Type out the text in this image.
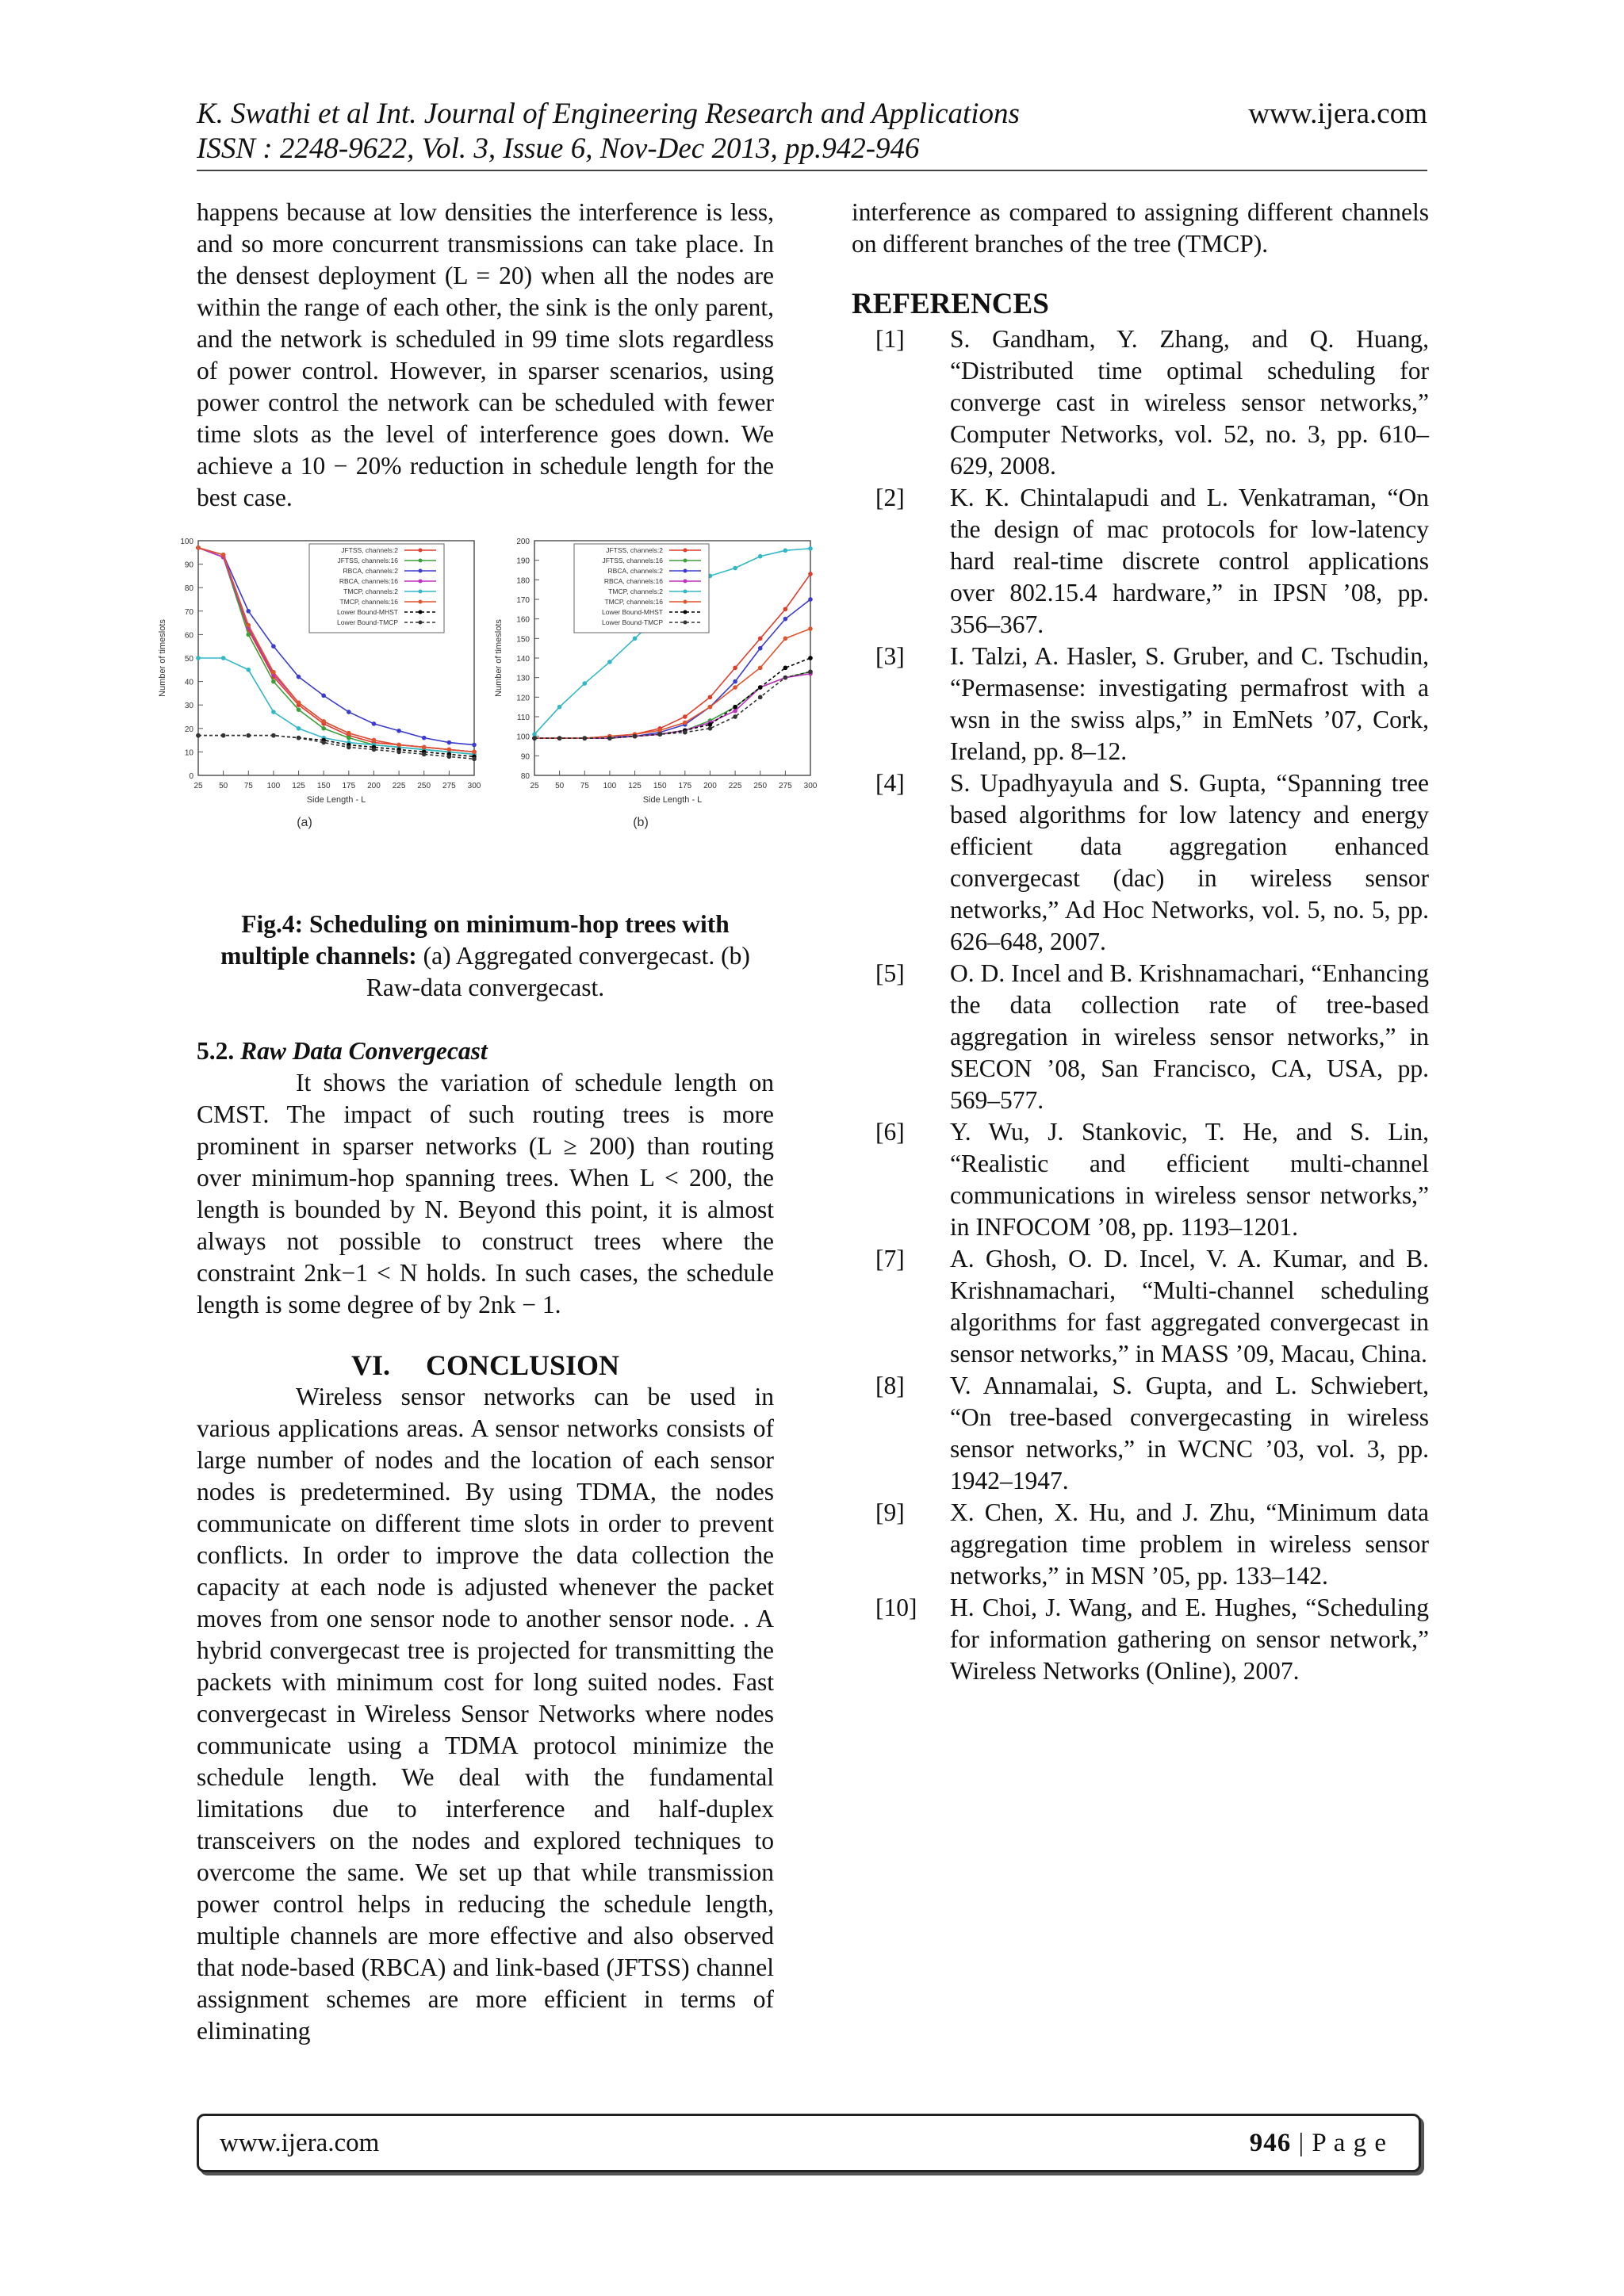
K. Swathi et al Int. Journal of Engineering Research and Applications
ISSN : 2248-9622, Vol. 3, Issue 6, Nov-Dec 2013, pp.942-946
www.ijera.com

happens because at low densities the interference is less, and so more concurrent transmissions can take place. In the densest deployment (L = 20) when all the nodes are within the range of each other, the sink is the only parent, and the network is scheduled in 99 time slots regardless of power control. However, in sparser scenarios, using power control the network can be scheduled with fewer time slots as the level of interference goes down. We achieve a 10 − 20% reduction in schedule length for the best case.

0
10
20
30
40
50
60
70
80
90
100
25 50 75 100 125 150 175 200 225 250 275 300
Side Length - L
Number of timeslots
(a)
JFTSS, channels:2
JFTSS, channels:16
RBCA, channels:2
RBCA, channels:16
TMCP, channels:2
TMCP, channels:16
Lower Bound-MHST
Lower Bound-TMCP
80
90
100
110
120
130
140
150
160
170
180
190
200
25 50 75 100 125 150 175 200 225 250 275 300
Side Length - L
Number of timeslots
(b)
JFTSS, channels:2
JFTSS, channels:16
RBCA, channels:2
RBCA, channels:16
TMCP, channels:2
TMCP, channels:16
Lower Bound-MHST
Lower Bound-TMCP

Fig.4: Scheduling on minimum-hop trees with multiple channels: (a) Aggregated convergecast. (b) Raw-data convergecast.

5.2. Raw Data Convergecast

It shows the variation of schedule length on CMST. The impact of such routing trees is more prominent in sparser networks (L ≥ 200) than routing over minimum-hop spanning trees. When L < 200, the length is bounded by N. Beyond this point, it is almost always not possible to construct trees where the constraint 2nk−1 < N holds. In such cases, the schedule length is some degree of by 2nk − 1.

VI.     CONCLUSION

Wireless sensor networks can be used in various applications areas. A sensor networks consists of large number of nodes and the location of each sensor nodes is predetermined. By using TDMA, the nodes communicate on different time slots in order to prevent conflicts. In order to improve the data collection the capacity at each node is adjusted whenever the packet moves from one sensor node to another sensor node. . A hybrid convergecast tree is projected for transmitting the packets with minimum cost for long suited nodes. Fast convergecast in Wireless Sensor Networks where nodes communicate using a TDMA protocol minimize the schedule length. We deal with the fundamental limitations due to interference and half-duplex transceivers on the nodes and explored techniques to overcome the same. We set up that while transmission power control helps in reducing the schedule length, multiple channels are more effective and also observed that node-based (RBCA) and link-based (JFTSS) channel assignment schemes are more efficient in terms of eliminating

interference as compared to assigning different channels on different branches of the tree (TMCP).

REFERENCES

[1] S. Gandham, Y. Zhang, and Q. Huang, “Distributed time optimal scheduling for converge cast in wireless sensor networks,” Computer Networks, vol. 52, no. 3, pp. 610–629, 2008.
[2] K. K. Chintalapudi and L. Venkatraman, “On the design of mac protocols for low-latency hard real-time discrete control applications over 802.15.4 hardware,” in IPSN ’08, pp. 356–367.
[3] I. Talzi, A. Hasler, S. Gruber, and C. Tschudin, “Permasense: investigating permafrost with a wsn in the swiss alps,” in EmNets ’07, Cork, Ireland, pp. 8–12.
[4] S. Upadhyayula and S. Gupta, “Spanning tree based algorithms for low latency and energy efficient data aggregation enhanced convergecast (dac) in wireless sensor networks,” Ad Hoc Networks, vol. 5, no. 5, pp. 626–648, 2007.
[5] O. D. Incel and B. Krishnamachari, “Enhancing the data collection rate of tree-based aggregation in wireless sensor networks,” in SECON ’08, San Francisco, CA, USA, pp. 569–577.
[6] Y. Wu, J. Stankovic, T. He, and S. Lin, “Realistic and efficient multi-channel communications in wireless sensor networks,” in INFOCOM ’08, pp. 1193–1201.
[7] A. Ghosh, O. D. Incel, V. A. Kumar, and B. Krishnamachari, “Multi-channel scheduling algorithms for fast aggregated convergecast in sensor networks,” in MASS ’09, Macau, China.
[8] V. Annamalai, S. Gupta, and L. Schwiebert, “On tree-based convergecasting in wireless sensor networks,” in WCNC ’03, vol. 3, pp. 1942–1947.
[9] X. Chen, X. Hu, and J. Zhu, “Minimum data aggregation time problem in wireless sensor networks,” in MSN ’05, pp. 133–142.
[10] H. Choi, J. Wang, and E. Hughes, “Scheduling for information gathering on sensor network,” Wireless Networks (Online), 2007.
www.ijera.com	946 | P a g e
